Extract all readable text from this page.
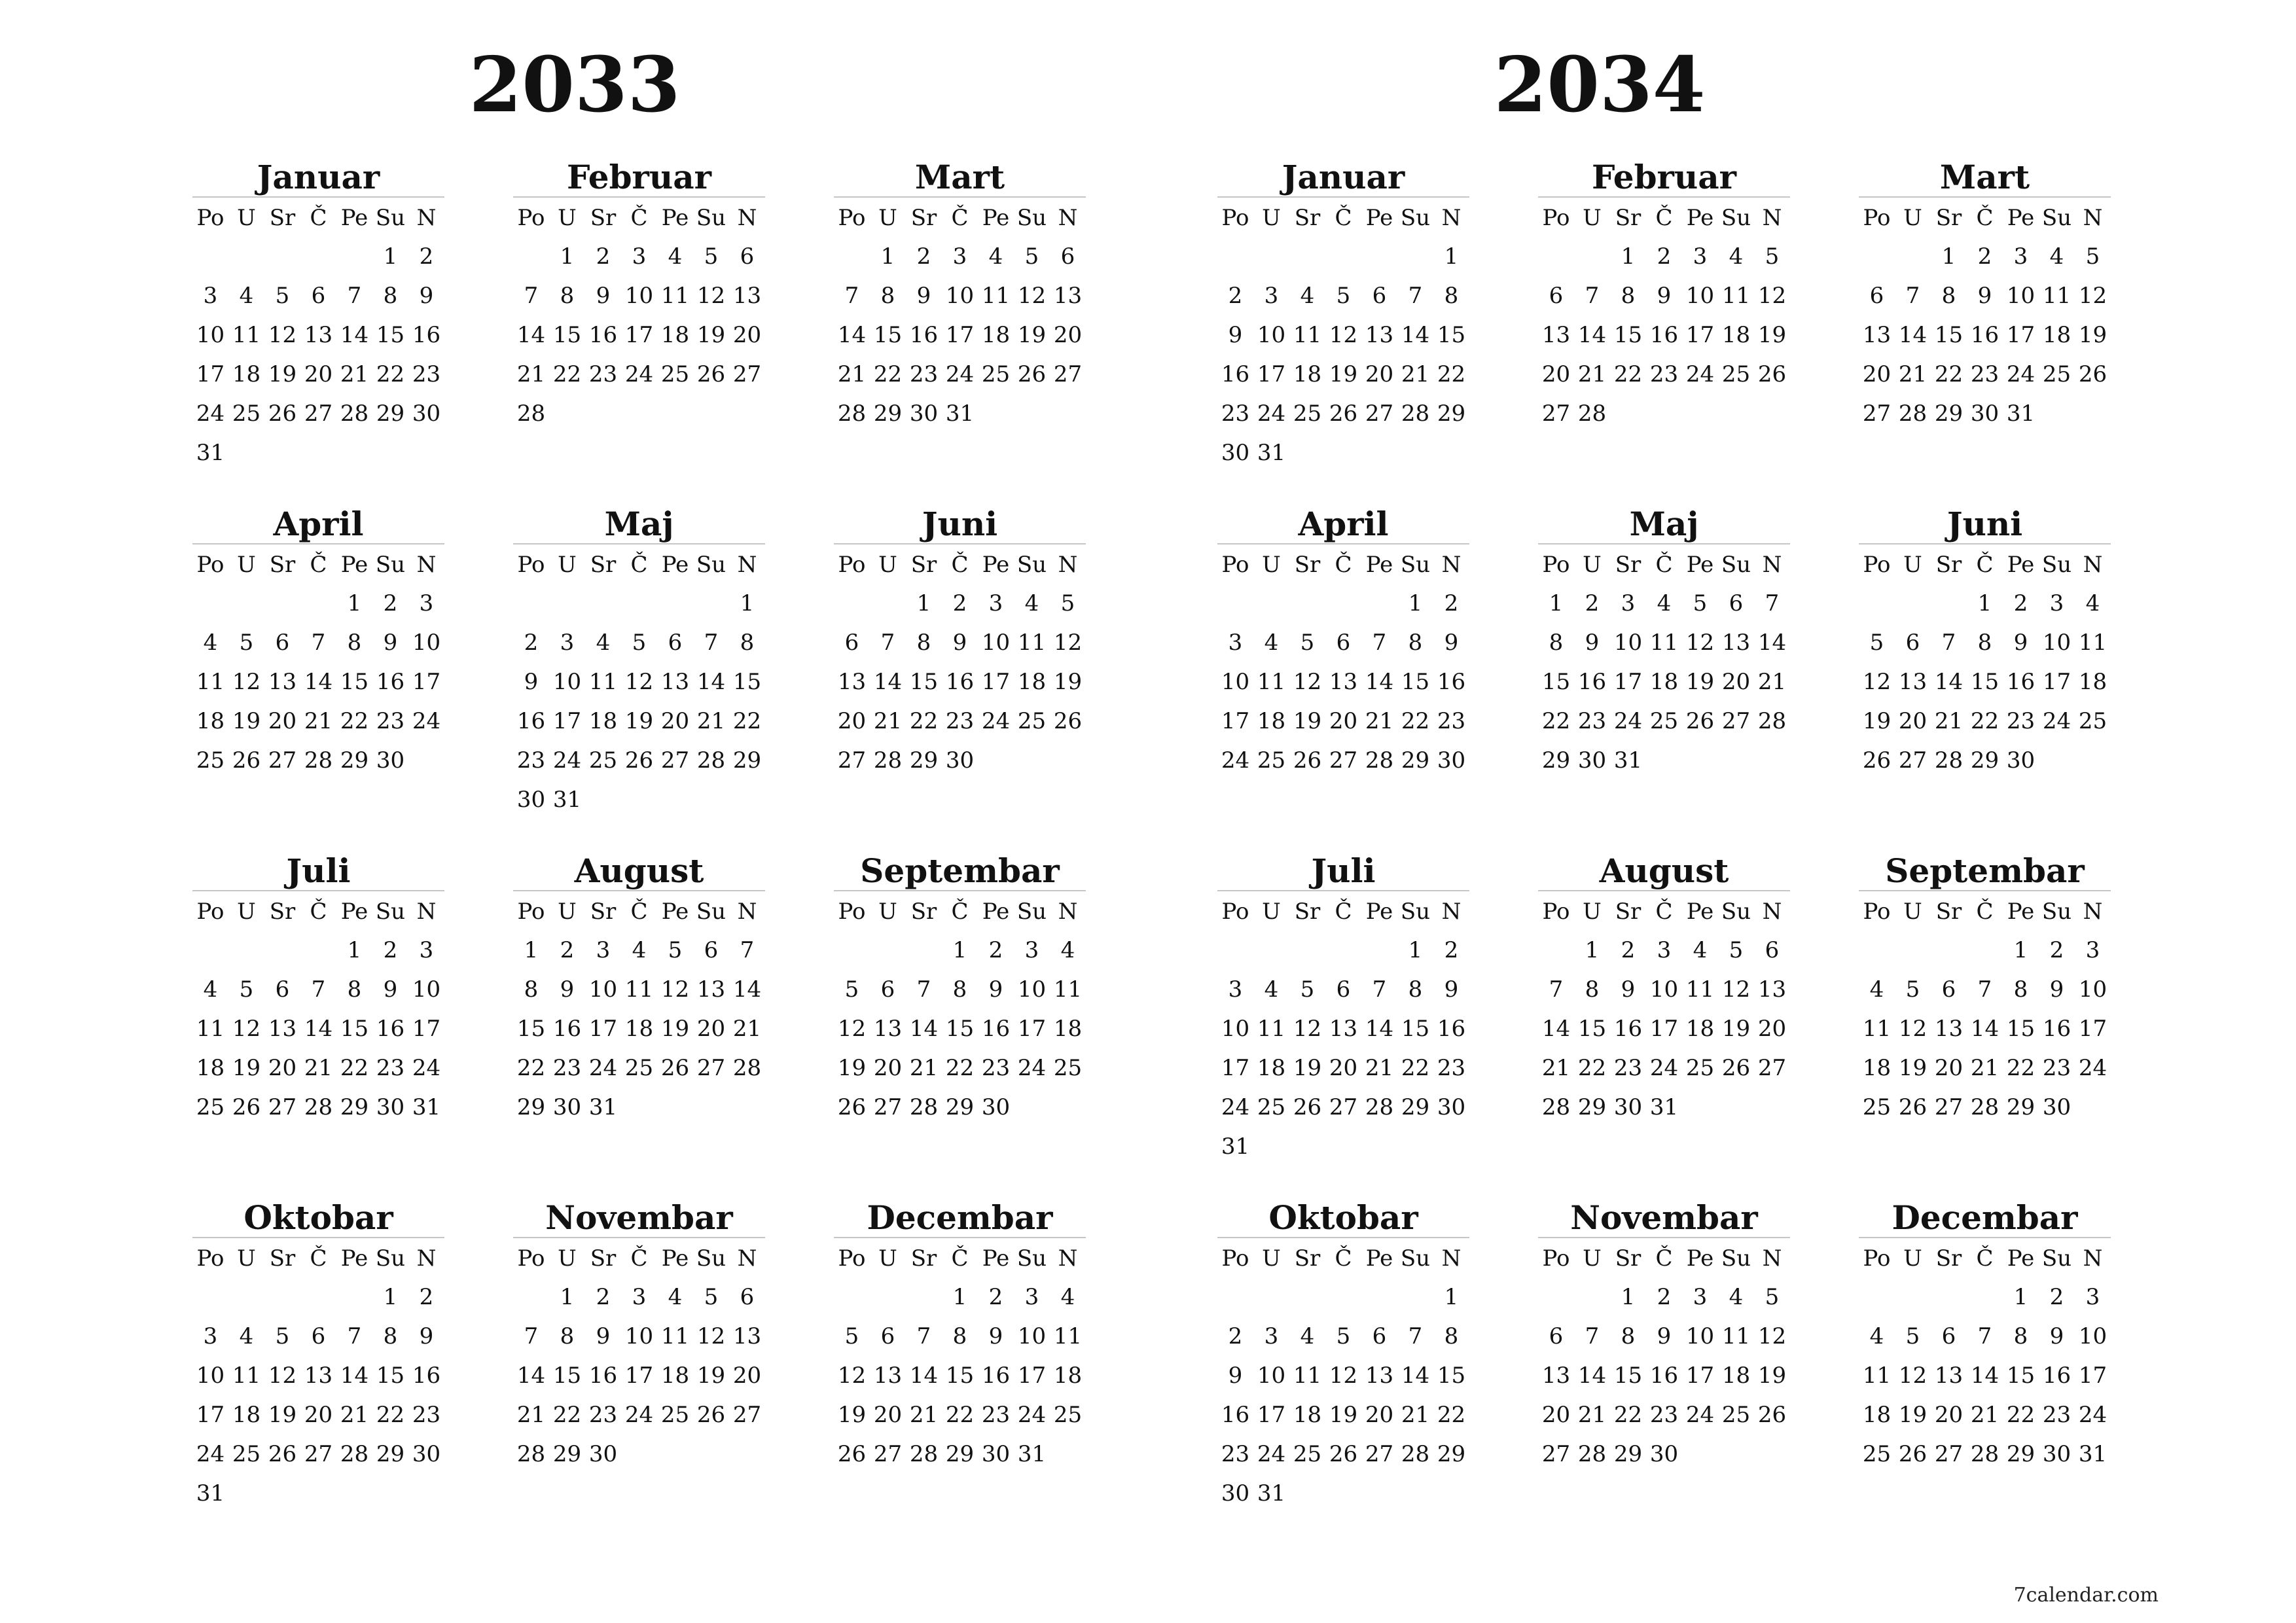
2033
Januar
Po U Sr Č Pe Su N
1 2
3 4 5 6 7 8 9
10 11 12 13 14 15 16
17 18 19 20 21 22 23
24 25 26 27 28 29 30
31
Februar
Po U Sr Č Pe Su N
1 2 3 4 5 6
7 8 9 10 11 12 13
14 15 16 17 18 19 20
21 22 23 24 25 26 27
28
Mart
Po U Sr Č Pe Su N
1 2 3 4 5 6
7 8 9 10 11 12 13
14 15 16 17 18 19 20
21 22 23 24 25 26 27
28 29 30 31
April
Po U Sr Č Pe Su N
1 2 3
4 5 6 7 8 9 10
11 12 13 14 15 16 17
18 19 20 21 22 23 24
25 26 27 28 29 30
Maj
Po U Sr Č Pe Su N
1
2 3 4 5 6 7 8
9 10 11 12 13 14 15
16 17 18 19 20 21 22
23 24 25 26 27 28 29
30 31
Juni
Po U Sr Č Pe Su N
1 2 3 4 5
6 7 8 9 10 11 12
13 14 15 16 17 18 19
20 21 22 23 24 25 26
27 28 29 30
Juli
Po U Sr Č Pe Su N
1 2 3
4 5 6 7 8 9 10
11 12 13 14 15 16 17
18 19 20 21 22 23 24
25 26 27 28 29 30 31
August
Po U Sr Č Pe Su N
1 2 3 4 5 6 7
8 9 10 11 12 13 14
15 16 17 18 19 20 21
22 23 24 25 26 27 28
29 30 31
Septembar
Po U Sr Č Pe Su N
1 2 3 4
5 6 7 8 9 10 11
12 13 14 15 16 17 18
19 20 21 22 23 24 25
26 27 28 29 30
Oktobar
Po U Sr Č Pe Su N
1 2
3 4 5 6 7 8 9
10 11 12 13 14 15 16
17 18 19 20 21 22 23
24 25 26 27 28 29 30
31
Novembar
Po U Sr Č Pe Su N
1 2 3 4 5 6
7 8 9 10 11 12 13
14 15 16 17 18 19 20
21 22 23 24 25 26 27
28 29 30
Decembar
Po U Sr Č Pe Su N
1 2 3 4
5 6 7 8 9 10 11
12 13 14 15 16 17 18
19 20 21 22 23 24 25
26 27 28 29 30 31
2034
Januar
Po U Sr Č Pe Su N
1
2 3 4 5 6 7 8
9 10 11 12 13 14 15
16 17 18 19 20 21 22
23 24 25 26 27 28 29
30 31
Februar
Po U Sr Č Pe Su N
1 2 3 4 5
6 7 8 9 10 11 12
13 14 15 16 17 18 19
20 21 22 23 24 25 26
27 28
Mart
Po U Sr Č Pe Su N
1 2 3 4 5
6 7 8 9 10 11 12
13 14 15 16 17 18 19
20 21 22 23 24 25 26
27 28 29 30 31
April
Po U Sr Č Pe Su N
1 2
3 4 5 6 7 8 9
10 11 12 13 14 15 16
17 18 19 20 21 22 23
24 25 26 27 28 29 30
Maj
Po U Sr Č Pe Su N
1 2 3 4 5 6 7
8 9 10 11 12 13 14
15 16 17 18 19 20 21
22 23 24 25 26 27 28
29 30 31
Juni
Po U Sr Č Pe Su N
1 2 3 4
5 6 7 8 9 10 11
12 13 14 15 16 17 18
19 20 21 22 23 24 25
26 27 28 29 30
Juli
Po U Sr Č Pe Su N
1 2
3 4 5 6 7 8 9
10 11 12 13 14 15 16
17 18 19 20 21 22 23
24 25 26 27 28 29 30
31
August
Po U Sr Č Pe Su N
1 2 3 4 5 6
7 8 9 10 11 12 13
14 15 16 17 18 19 20
21 22 23 24 25 26 27
28 29 30 31
Septembar
Po U Sr Č Pe Su N
1 2 3
4 5 6 7 8 9 10
11 12 13 14 15 16 17
18 19 20 21 22 23 24
25 26 27 28 29 30
Oktobar
Po U Sr Č Pe Su N
1
2 3 4 5 6 7 8
9 10 11 12 13 14 15
16 17 18 19 20 21 22
23 24 25 26 27 28 29
30 31
Novembar
Po U Sr Č Pe Su N
1 2 3 4 5
6 7 8 9 10 11 12
13 14 15 16 17 18 19
20 21 22 23 24 25 26
27 28 29 30
Decembar
Po U Sr Č Pe Su N
1 2 3
4 5 6 7 8 9 10
11 12 13 14 15 16 17
18 19 20 21 22 23 24
25 26 27 28 29 30 31
7calendar.com
